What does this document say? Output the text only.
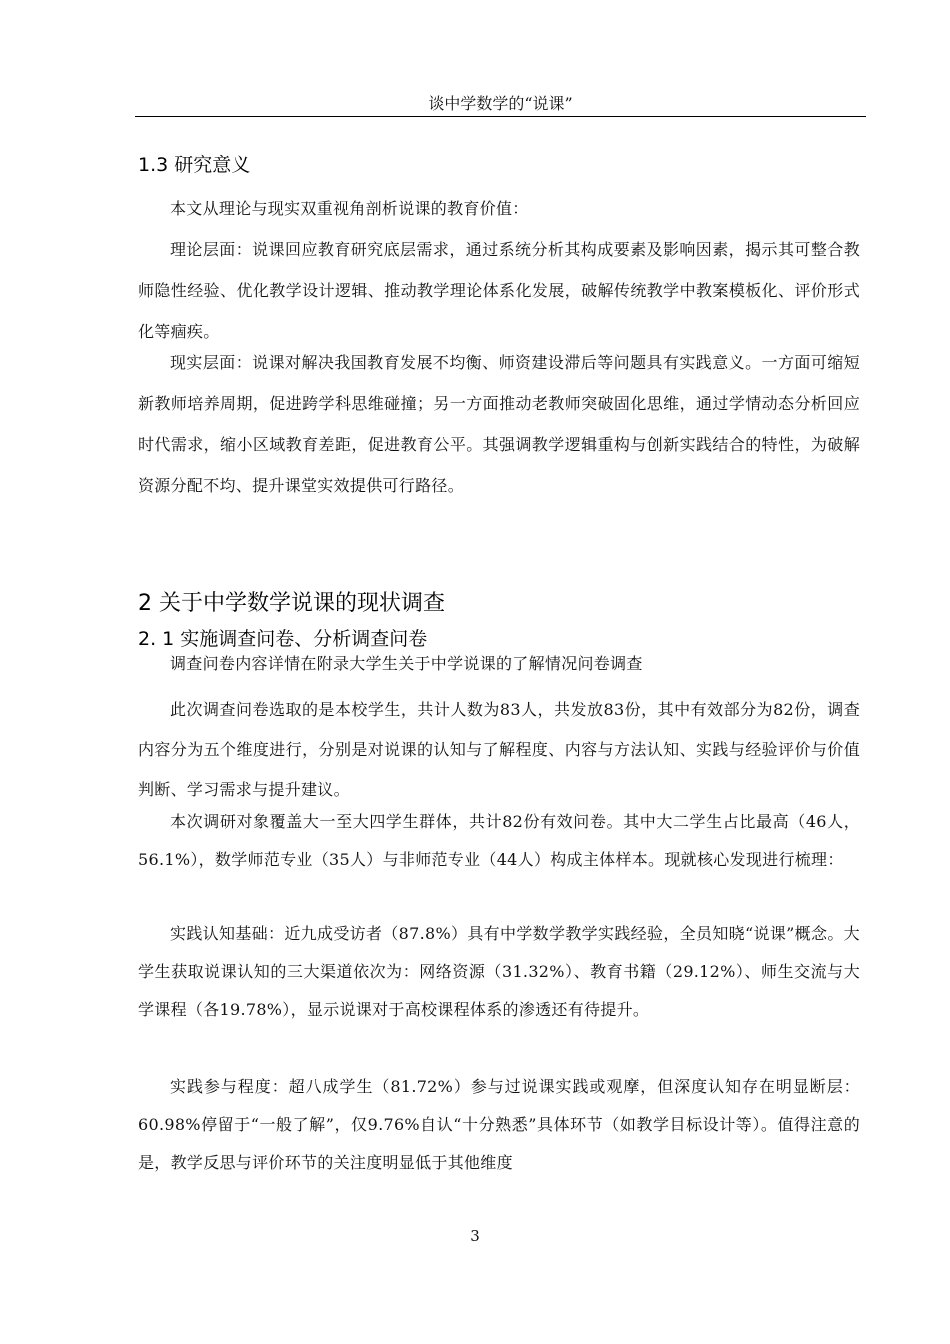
谈中学数学的“说课”
1.3 研究意义

本文从理论与现实双重视角剖析说课的教育价值：

理论层面：说课回应教育研究底层需求，通过系统分析其构成要素及影响因素，揭示其可整合教师隐性经验、优化教学设计逻辑、推动教学理论体系化发展，破解传统教学中教案模板化、评价形式化等痼疾。

现实层面：说课对解决我国教育发展不均衡、师资建设滞后等问题具有实践意义。一方面可缩短新教师培养周期，促进跨学科思维碰撞；另一方面推动老教师突破固化思维，通过学情动态分析回应时代需求，缩小区域教育差距，促进教育公平。其强调教学逻辑重构与创新实践结合的特性，为破解资源分配不均、提升课堂实效提供可行路径。

2 关于中学数学说课的现状调查
2. 1 实施调查问卷、分析调查问卷

调查问卷内容详情在附录大学生关于中学说课的了解情况问卷调查

此次调查问卷选取的是本校学生，共计人数为83人，共发放83份，其中有效部分为82份，调查内容分为五个维度进行，分别是对说课的认知与了解程度、内容与方法认知、实践与经验评价与价值判断、学习需求与提升建议。

本次调研对象覆盖大一至大四学生群体，共计82份有效问卷。其中大二学生占比最高（46人，56.1%），数学师范专业（35人）与非师范专业（44人）构成主体样本。现就核心发现进行梳理：

实践认知基础：近九成受访者（87.8%）具有中学数学教学实践经验，全员知晓“说课”概念。大学生获取说课认知的三大渠道依次为：网络资源（31.32%）、教育书籍（29.12%）、师生交流与大学课程（各19.78%），显示说课对于高校课程体系的渗透还有待提升。

实践参与程度：超八成学生（81.72%）参与过说课实践或观摩，但深度认知存在明显断层：60.98%停留于“一般了解”，仅9.76%自认“十分熟悉”具体环节（如教学目标设计等）。值得注意的是，教学反思与评价环节的关注度明显低于其他维度

3
